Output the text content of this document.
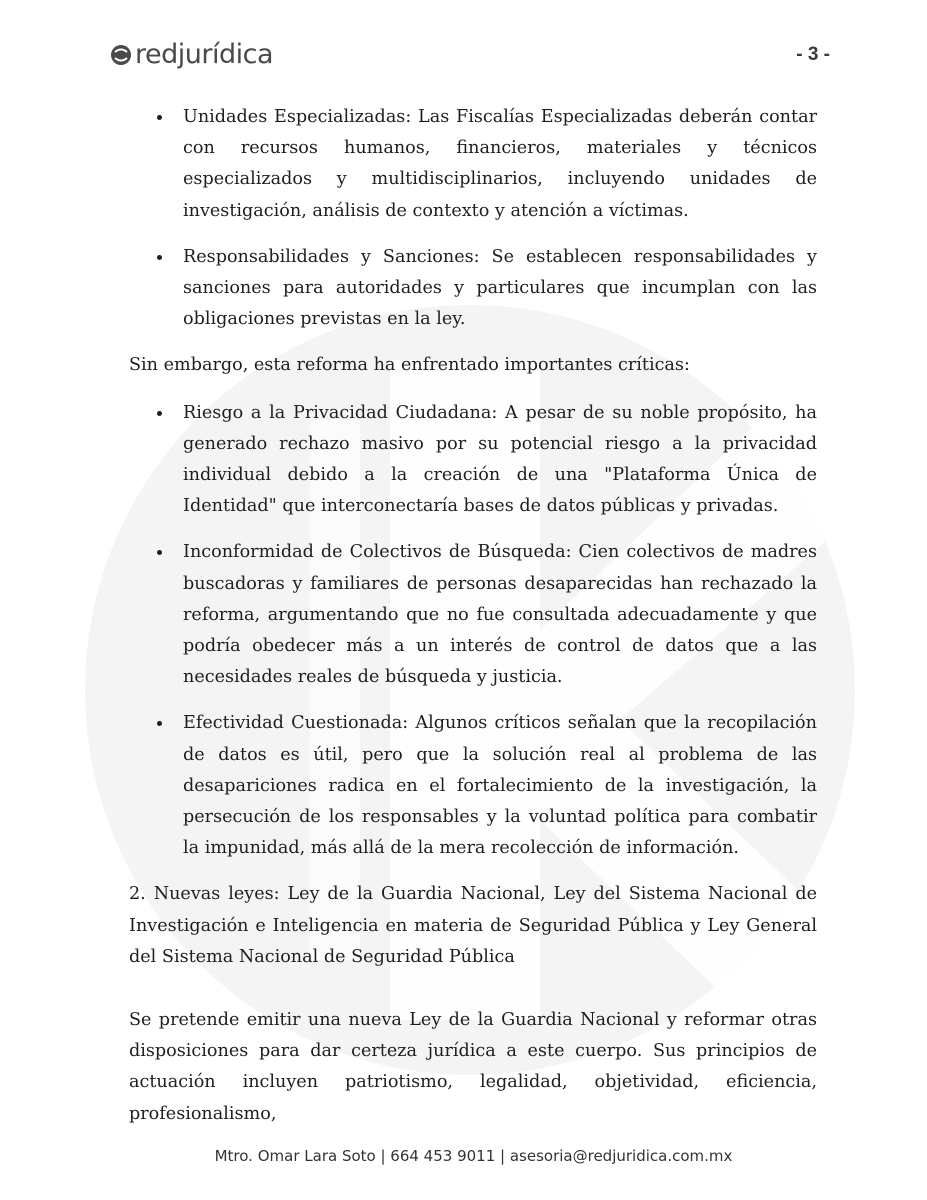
redjurídica	- 3 -
Unidades Especializadas: Las Fiscalías Especializadas deberán contar con recursos humanos, financieros, materiales y técnicos especializados y multidisciplinarios, incluyendo unidades de investigación, análisis de contexto y atención a víctimas.
Responsabilidades y Sanciones: Se establecen responsabilidades y sanciones para autoridades y particulares que incumplan con las obligaciones previstas en la ley.

Sin embargo, esta reforma ha enfrentado importantes críticas:

Riesgo a la Privacidad Ciudadana: A pesar de su noble propósito, ha generado rechazo masivo por su potencial riesgo a la privacidad individual debido a la creación de una "Plataforma Única de Identidad" que interconectaría bases de datos públicas y privadas.
Inconformidad de Colectivos de Búsqueda: Cien colectivos de madres buscadoras y familiares de personas desaparecidas han rechazado la reforma, argumentando que no fue consultada adecuadamente y que podría obedecer más a un interés de control de datos que a las necesidades reales de búsqueda y justicia.
Efectividad Cuestionada: Algunos críticos señalan que la recopilación de datos es útil, pero que la solución real al problema de las desapariciones radica en el fortalecimiento de la investigación, la persecución de los responsables y la voluntad política para combatir la impunidad, más allá de la mera recolección de información.

2. Nuevas leyes: Ley de la Guardia Nacional, Ley del Sistema Nacional de Investigación e Inteligencia en materia de Seguridad Pública y Ley General del Sistema Nacional de Seguridad Pública

Se pretende emitir una nueva Ley de la Guardia Nacional y reformar otras disposiciones para dar certeza jurídica a este cuerpo. Sus principios de actuación incluyen patriotismo, legalidad, objetividad, eficiencia, profesionalismo,

Mtro. Omar Lara Soto | 664 453 9011 | asesoria@redjuridica.com.mx
